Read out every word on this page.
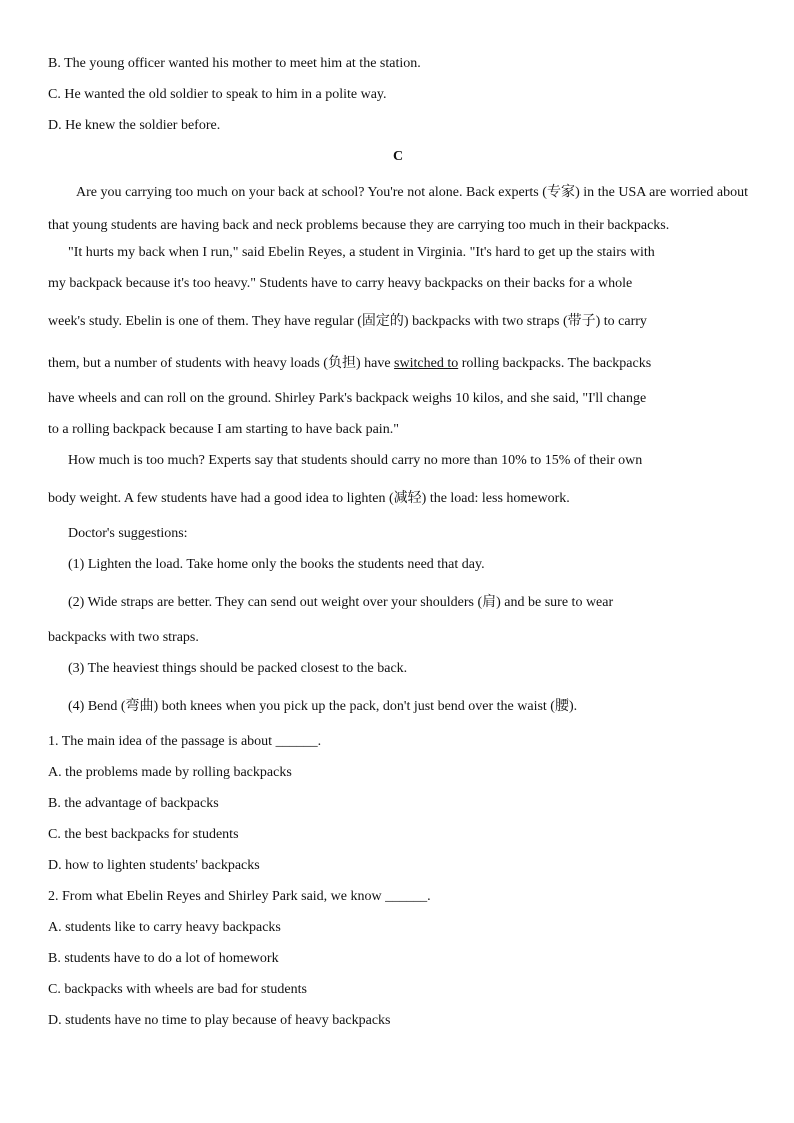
B. The young officer wanted his mother to meet him at the station.
C. He wanted the old soldier to speak to him in a polite way.
D. He knew the soldier before.
C
Are you carrying too much on your back at school? You're not alone. Back experts (专家) in the USA are worried about that young students are having back and neck problems because they are carrying too much in their backpacks.
"It hurts my back when I run," said Ebelin Reyes, a student in Virginia. "It's hard to get up the stairs with
my backpack because it's too heavy." Students have to carry heavy backpacks on their backs for a whole
week's study. Ebelin is one of them. They have regular (固定的) backpacks with two straps (带子) to carry
them, but a number of students with heavy loads (负担) have switched to rolling backpacks. The backpacks
have wheels and can roll on the ground. Shirley Park's backpack weighs 10 kilos, and she said, "I'll change
to a rolling backpack because I am starting to have back pain."
How much is too much? Experts say that students should carry no more than 10% to 15% of their own
body weight. A few students have had a good idea to lighten (减轻) the load: less homework.
Doctor's suggestions:
(1) Lighten the load. Take home only the books the students need that day.
(2) Wide straps are better. They can send out weight over your shoulders (肩) and be sure to wear
backpacks with two straps.
(3) The heaviest things should be packed closest to the back.
(4) Bend (弯曲) both knees when you pick up the pack, don't just bend over the waist (腰).
1. The main idea of the passage is about ______.
A. the problems made by rolling backpacks
B. the advantage of backpacks
C. the best backpacks for students
D. how to lighten students' backpacks
2. From what Ebelin Reyes and Shirley Park said, we know ______.
A. students like to carry heavy backpacks
B. students have to do a lot of homework
C. backpacks with wheels are bad for students
D. students have no time to play because of heavy backpacks
